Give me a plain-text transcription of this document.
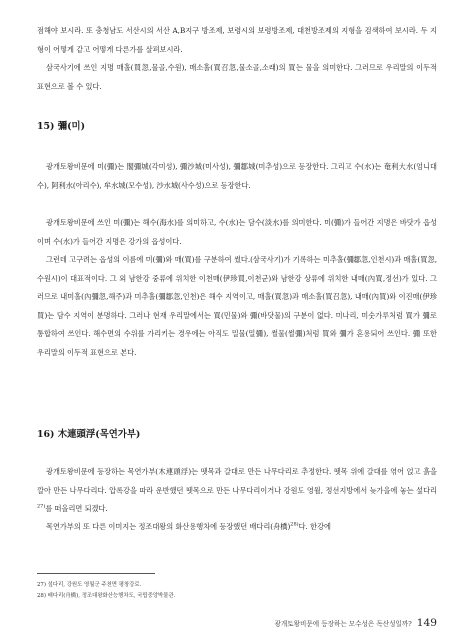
점해야 보시라. 또 충청남도 서산시의 서산 A,B지구 방조제, 보령시의 보령방조제, 대천방조제의 지형을 검색하여 보시라. 두 지형이 어떻게 같고 어떻게 다른가를 살펴보시라.

삼국사기에 쓰인 지명 매홀(買忽,물골,수원), 매소홀(買召忽,물소골,소래)의 買는 물을 의미한다. 그러므로 우리말의 이두적 표현으로 볼 수 있다.

15) 彌(미)

광개토왕비문에 미(彌)는 閣彌城(각미성), 彌沙城(미사성), 彌鄒城(미추성)으로 등장한다. 그리고 수(水)는 奄利大水(엄니대수), 阿利水(아리수), 牟水城(모수성), 沙水城(사수성)으로 등장한다.

광개토왕비문에 쓰인 미(彌)는 해수(海水)를 의미하고, 수(水)는 담수(淡水)를 의미한다. 미(彌)가 들어간 지명은 바닷가 읍성이며 수(水)가 들어간 지명은 강가의 읍성이다.

그런데 고구려는 읍성의 이름에 미(彌)와 매(買)를 구분하여 썼다.(삼국사기)가 기록하는 미추홀(彌鄒忽,인천시)과 매홀(買忽,수원시)이 대표적이다. 그 외 남한강 중류에 위치한 이천매(伊珍買,이천군)와 남한강 상류에 위치한 내매(內買,정선)가 있다. 그러므로 내미홀(內彌忽,해주)과 미추홀(彌鄒忽,인천)은 해수 지역이고, 매홀(買忽)과 매소홀(買召忽), 내매(內買)와 이진매(伊珍買)는 담수 지역이 분명하다. 그러나 현재 우리말에서는 買(민물)와 彌(바닷물)의 구분이 없다. 미나리, 미숫가루처럼 買가 彌로 통합하여 쓰인다. 해수면의 수위를 가리키는 경우에는 아직도 밀물(밀彌), 썰물(썰彌)처럼 買와 彌가 혼용되어 쓰인다. 彌 또한 우리말의 이두적 표현으로 본다.

16) 木連頭浮(목연가부)

광개토왕비문에 등장하는 목연가부(木連頭浮)는 뗏목과 갈대로 만든 나무다리로 추정한다. 뗏목 위에 갈대를 엮어 얹고 흙을 깔아 만든 나무다리다. 압록강을 따라 운반했던 뗏목으로 만든 나무다리이거나 강원도 영월, 정선지방에서 늦가을에 놓는 섶다리$^{27)}$를 떠올리면 되겠다.

목연가부의 또 다른 이미지는 정조대왕의 화산용행차에 등장했던 배다리(舟橋)$^{28)}$다. 한강에

27) 섶다리, 강원도 영월군 주천면 평창강로.

28) 배다리(舟橋), 정조대왕화산능행차도, 국립중앙박물관.

광개토왕비문에 등장하는 모수성은 독산성일까? 149
